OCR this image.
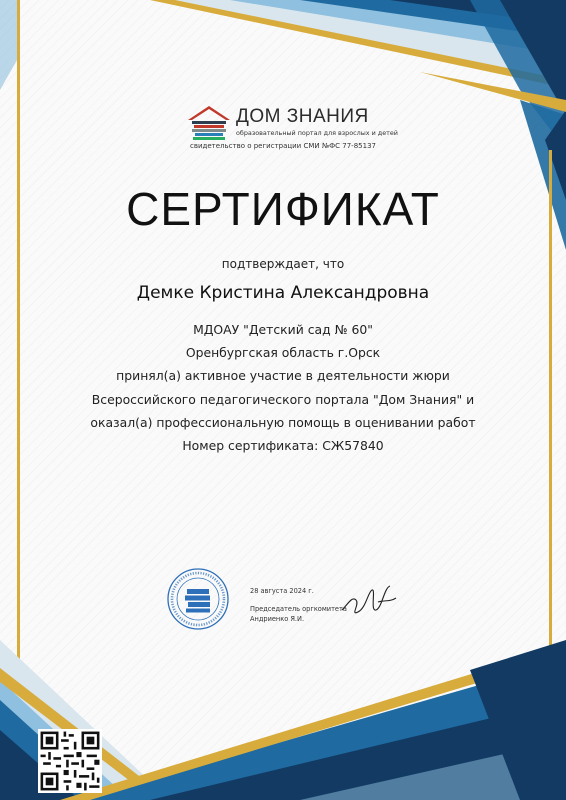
ДОМ ЗНАНИЯ
образовательный портал для взрослых и детей
свидетельство о регистрации СМИ №ФС 77-85137
СЕРТИФИКАТ
подтверждает, что
Демке Кристина Александровна
МДОАУ "Детский сад № 60"
Оренбургская область г.Орск
принял(а) активное участие в деятельности жюри
Всероссийского педагогического портала "Дом Знания" и
оказал(а) профессиональную помощь в оценивании работ
Номер сертификата: СЖ57840
28 августа 2024 г.
Председатель оргкомитета
Андриенко Я.И.
